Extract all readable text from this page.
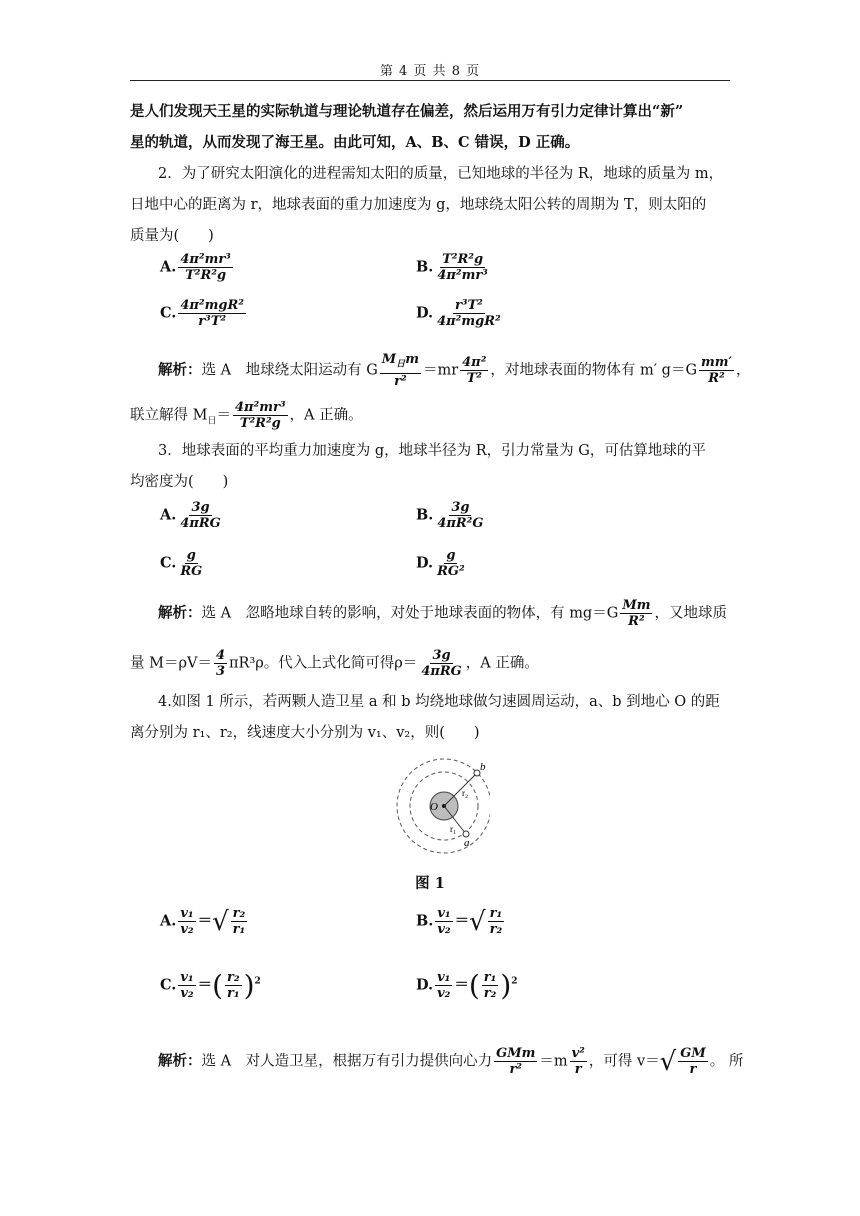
第 4 页 共 8 页
是人们发现天王星的实际轨道与理论轨道存在偏差，然后运用万有引力定律计算出“新”
星的轨道，从而发现了海王星。由此可知，A、B、C 错误，D 正确。
2．为了研究太阳演化的进程需知太阳的质量，已知地球的半径为 R，地球的质量为 m，
日地中心的距离为 r，地球表面的重力加速度为 g，地球绕太阳公转的周期为 T，则太阳的
质量为(　　)
A. $\frac{\text{4π²mr³}}{\text{T²R²g}}$	B. $\frac{\text{T²R²g}}{\text{4π²mr³}}$
C. $\frac{\text{4π²mgR²}}{\text{r³T²}}$	D. $\frac{\text{r³T²}}{\text{4π²mgR²}}$
解析：选 A　地球绕太阳运动有 G $\frac{M_日m}{\text{r²}} =mr \frac{\text{4π²}}{\text{T²}}$ ，对地球表面的物体有 m′ $g=G \frac{mm'}{\text{R²}}$ ，
联立解得 $M_日= \frac{\text{4π²mr³}}{\text{T²R²g}}$ ，A 正确。
3．地球表面的平均重力加速度为 g，地球半径为 R，引力常量为 G，可估算地球的平
均密度为(　　)
A. $\frac{3g}{\text{4πRG}}$	B. $\frac{3g}{\text{4πR²G}}$
C. $\frac{g}{RG}$	D. $\frac{g}{\text{RG²}}$
解析：选 A　忽略地球自转的影响，对处于地球表面的物体，有 $mg=G \frac{Mm}{\text{R²}}$ ，又地球质
量 $M=\rho V= \frac{4}{3} \pi R^3\rho$。代入上式化简可得$\rho= \frac{3g}{\text{4πRG}}$ ，A 正确。
4.如图 1 所示，若两颗人造卫星 a 和 b 均绕地球做匀速圆周运动，a、b 到地心 O 的距
离分别为 r₁、r₂，线速度大小分别为 v₁、v₂，则(　　)
O
b
a
r₂
r₁
图 1
A. $\frac{\text{v₁}}{\text{v₂}}$ ＝√ $\frac{\text{r₂}}{\text{r₁}}$	B. $\frac{\text{v₁}}{\text{v₂}}$ ＝√ $\frac{\text{r₁}}{\text{r₂}}$
C. $\frac{\text{v₁}}{\text{v₂}}$ ＝( $\frac{\text{r₂}}{\text{r₁}} )^2$	D. $\frac{\text{v₁}}{\text{v₂}}$ ＝( $\frac{\text{r₁}}{\text{r₂}} )^2$
解析：选 A　对人造卫星，根据万有引力提供向心力 $\frac{\text{GMm}}{\text{r²}} =m \frac{\text{v²}}{r}$ ，可得 $v=√ \frac{GM}{r}$ 。 所
